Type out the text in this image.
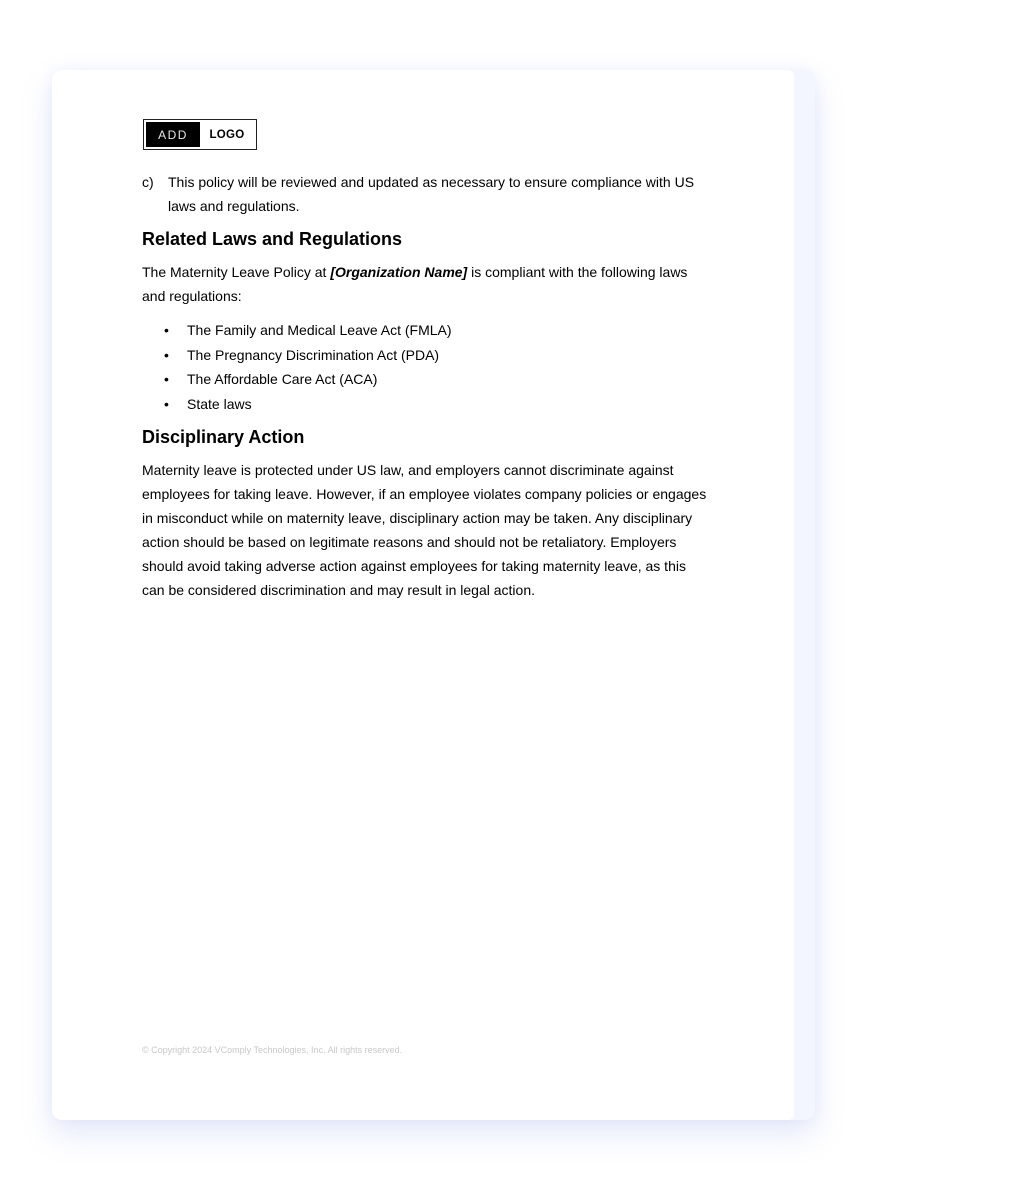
ADD	LOGO
c)	This policy will be reviewed and updated as necessary to ensure compliance with US laws and regulations.
Related Laws and Regulations

The Maternity Leave Policy at [Organization Name] is compliant with the following laws and regulations:

• The Family and Medical Leave Act (FMLA)
• The Pregnancy Discrimination Act (PDA)
• The Affordable Care Act (ACA)
• State laws
Disciplinary Action

Maternity leave is protected under US law, and employers cannot discriminate against employees for taking leave. However, if an employee violates company policies or engages in misconduct while on maternity leave, disciplinary action may be taken. Any disciplinary action should be based on legitimate reasons and should not be retaliatory. Employers should avoid taking adverse action against employees for taking maternity leave, as this can be considered discrimination and may result in legal action.

© Copyright 2024 VComply Technologies, Inc. All rights reserved.
